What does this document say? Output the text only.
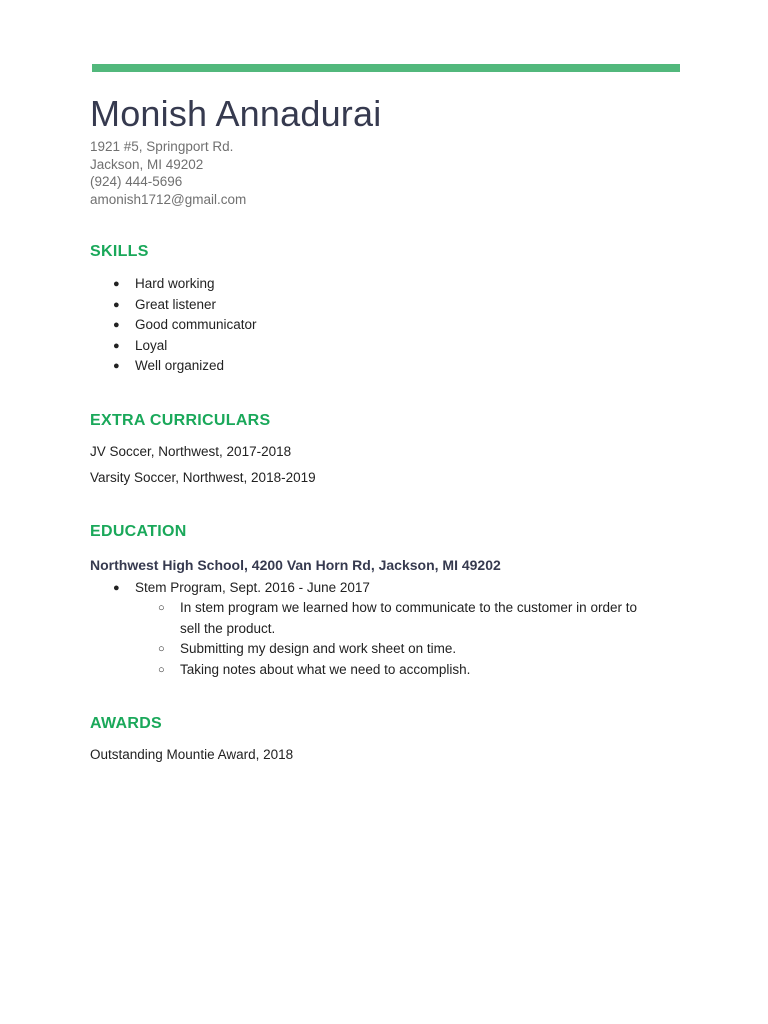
Monish Annadurai
1921 #5, Springport Rd.
Jackson, MI 49202
(924) 444-5696
amonish1712@gmail.com
SKILLS
● Hard working
● Great listener
● Good communicator
● Loyal
● Well organized
EXTRA CURRICULARS
JV Soccer, Northwest, 2017-2018
Varsity Soccer, Northwest, 2018-2019
EDUCATION
Northwest High School, 4200 Van Horn Rd, Jackson, MI 49202
● Stem Program, Sept. 2016 - June 2017
○ In stem program we learned how to communicate to the customer in order to sell the product.
○ Submitting my design and work sheet on time.
○ Taking notes about what we need to accomplish.
AWARDS
Outstanding Mountie Award, 2018
